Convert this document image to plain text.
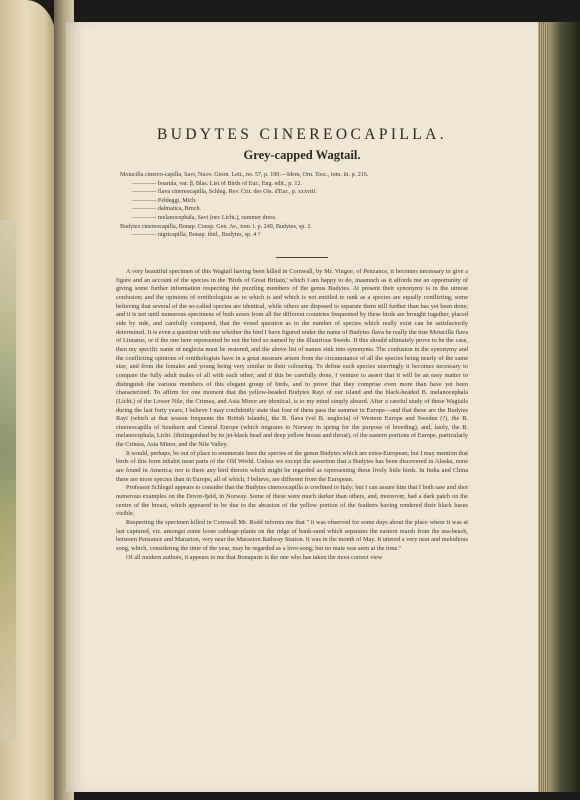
BUDYTES CINEREOCAPILLA.
Grey-capped Wagtail.
Motacilla cinereo-capilla, Savi, Nuov. Giorn. Lett., no. 57, p. 190.—Idem, Orn. Tosc., tom. iii. p. 216.
———— boarula, var. β, Blas. List of Birds of Eur., Eng. edit., p. 12.
———— flava cinereocapilla, Schleg. Rev. Crit. des Ois. d'Eur., p. xxxviii.
———— Feldeggi, Mich.
———— dalmatica, Brnch.
———— melanocephala, Savi (nec Licht.), summer dress.
Budytes cinereocapilla, Bonap. Consp. Gen. Av., tom. i. p. 249, Budytes, sp. 2.
———— nigricapilla, Bonap. ibid., Budytes, sp. 4 ?

A very beautiful specimen of this Wagtail having been killed in Cornwall, by Mr. Vingoe, of Penzance, it becomes necessary to give a figure and an account of the species in the 'Birds of Great Britain,' which I am happy to do, inasmuch as it affords me an opportunity of giving some further information respecting the puzzling members of the genus Budytes. At present their synonymy is in the utmost confusion; and the opinions of ornithologists as to which is and which is not entitled to rank as a species are equally conflicting, some believing that several of the so-called species are identical, while others are disposed to separate them still further than has yet been done; and it is not until numerous specimens of both sexes from all the different countries frequented by these birds are brought together, placed side by side, and carefully compared, that the vexed question as to the number of species which really exist can be satisfactorily determined. It is even a question with me whether the bird I have figured under the name of Budytes flava be really the true Motacilla flava of Linnæus, or if the one here represented be not the bird so named by the illustrious Swede. If this should ultimately prove to be the case, then my specific name of neglecta must be restored, and the above list of names sink into synonyms. The confusion in the synonymy and the conflicting opinions of ornithologists have in a great measure arisen from the circumstance of all the species being nearly of the same size, and from the females and young being very similar in their colouring. To define each species unerringly it becomes necessary to compare the fully adult males of all with each other; and if this be carefully done, I venture to assert that it will be an easy matter to distinguish the various members of this elegant group of birds, and to prove that they comprise even more than have yet been characterized. To affirm for one moment that the yellow-headed Budytes Rayi of our island and the black-headed B. melanocephala (Licht.) of the Lower Nile, the Crimea, and Asia Minor are identical, is to my mind simply absurd. After a careful study of these Wagtails during the last forty years, I believe I may confidently state that four of them pass the summer in Europe—and that these are the Budytes Rayi (which at that season frequents the British Islands), the B. flava (vel B. neglecta) of Western Europe and Sweden (?), the B. cinereocapilla of Southern and Central Europe (which migrates to Norway in spring for the purpose of breeding), and, lastly, the B. melanocephala, Licht. (distinguished by its jet-black head and deep yellow breast and throat), of the eastern portions of Europe, particularly the Crimea, Asia Minor, and the Nile Valley.

It would, perhaps, be out of place to enumerate here the species of the genus Budytes which are extra-European; but I may mention that birds of this form inhabit most parts of the Old World. Unless we except the assertion that a Budytes has been discovered in Alaska, none are found in America; nor is there any bird therein which might be regarded as representing these lively little birds. In India and China there are more species than in Europe, all of which, I believe, are different from the European.

Professor Schlegel appears to consider that the Budytes cinereocapilla is confined to Italy; but I can assure him that I both saw and shot numerous examples on the Dovre-fjeld, in Norway. Some of these were much darker than others, and, moreover, had a dark patch on the centre of the breast, which appeared to be due to the abrasion of the yellow portion of the feathers having rendered their black bases visible.

Respecting the specimen killed in Cornwall Mr. Rodd informs me that " it was observed for some days about the place where it was at last captured, viz. amongst some loose cabbage-plants on the ridge of bank-sand which separates the eastern marsh from the sea-beach, between Penzance and Marazion, very near the Marazion Railway Station. It was in the month of May. It uttered a very neat and melodious song, which, considering the time of the year, may be regarded as a love-song; but no mate was seen at the time."

Of all modern authors, it appears to me that Bonaparte is the one who has taken the most correct view
